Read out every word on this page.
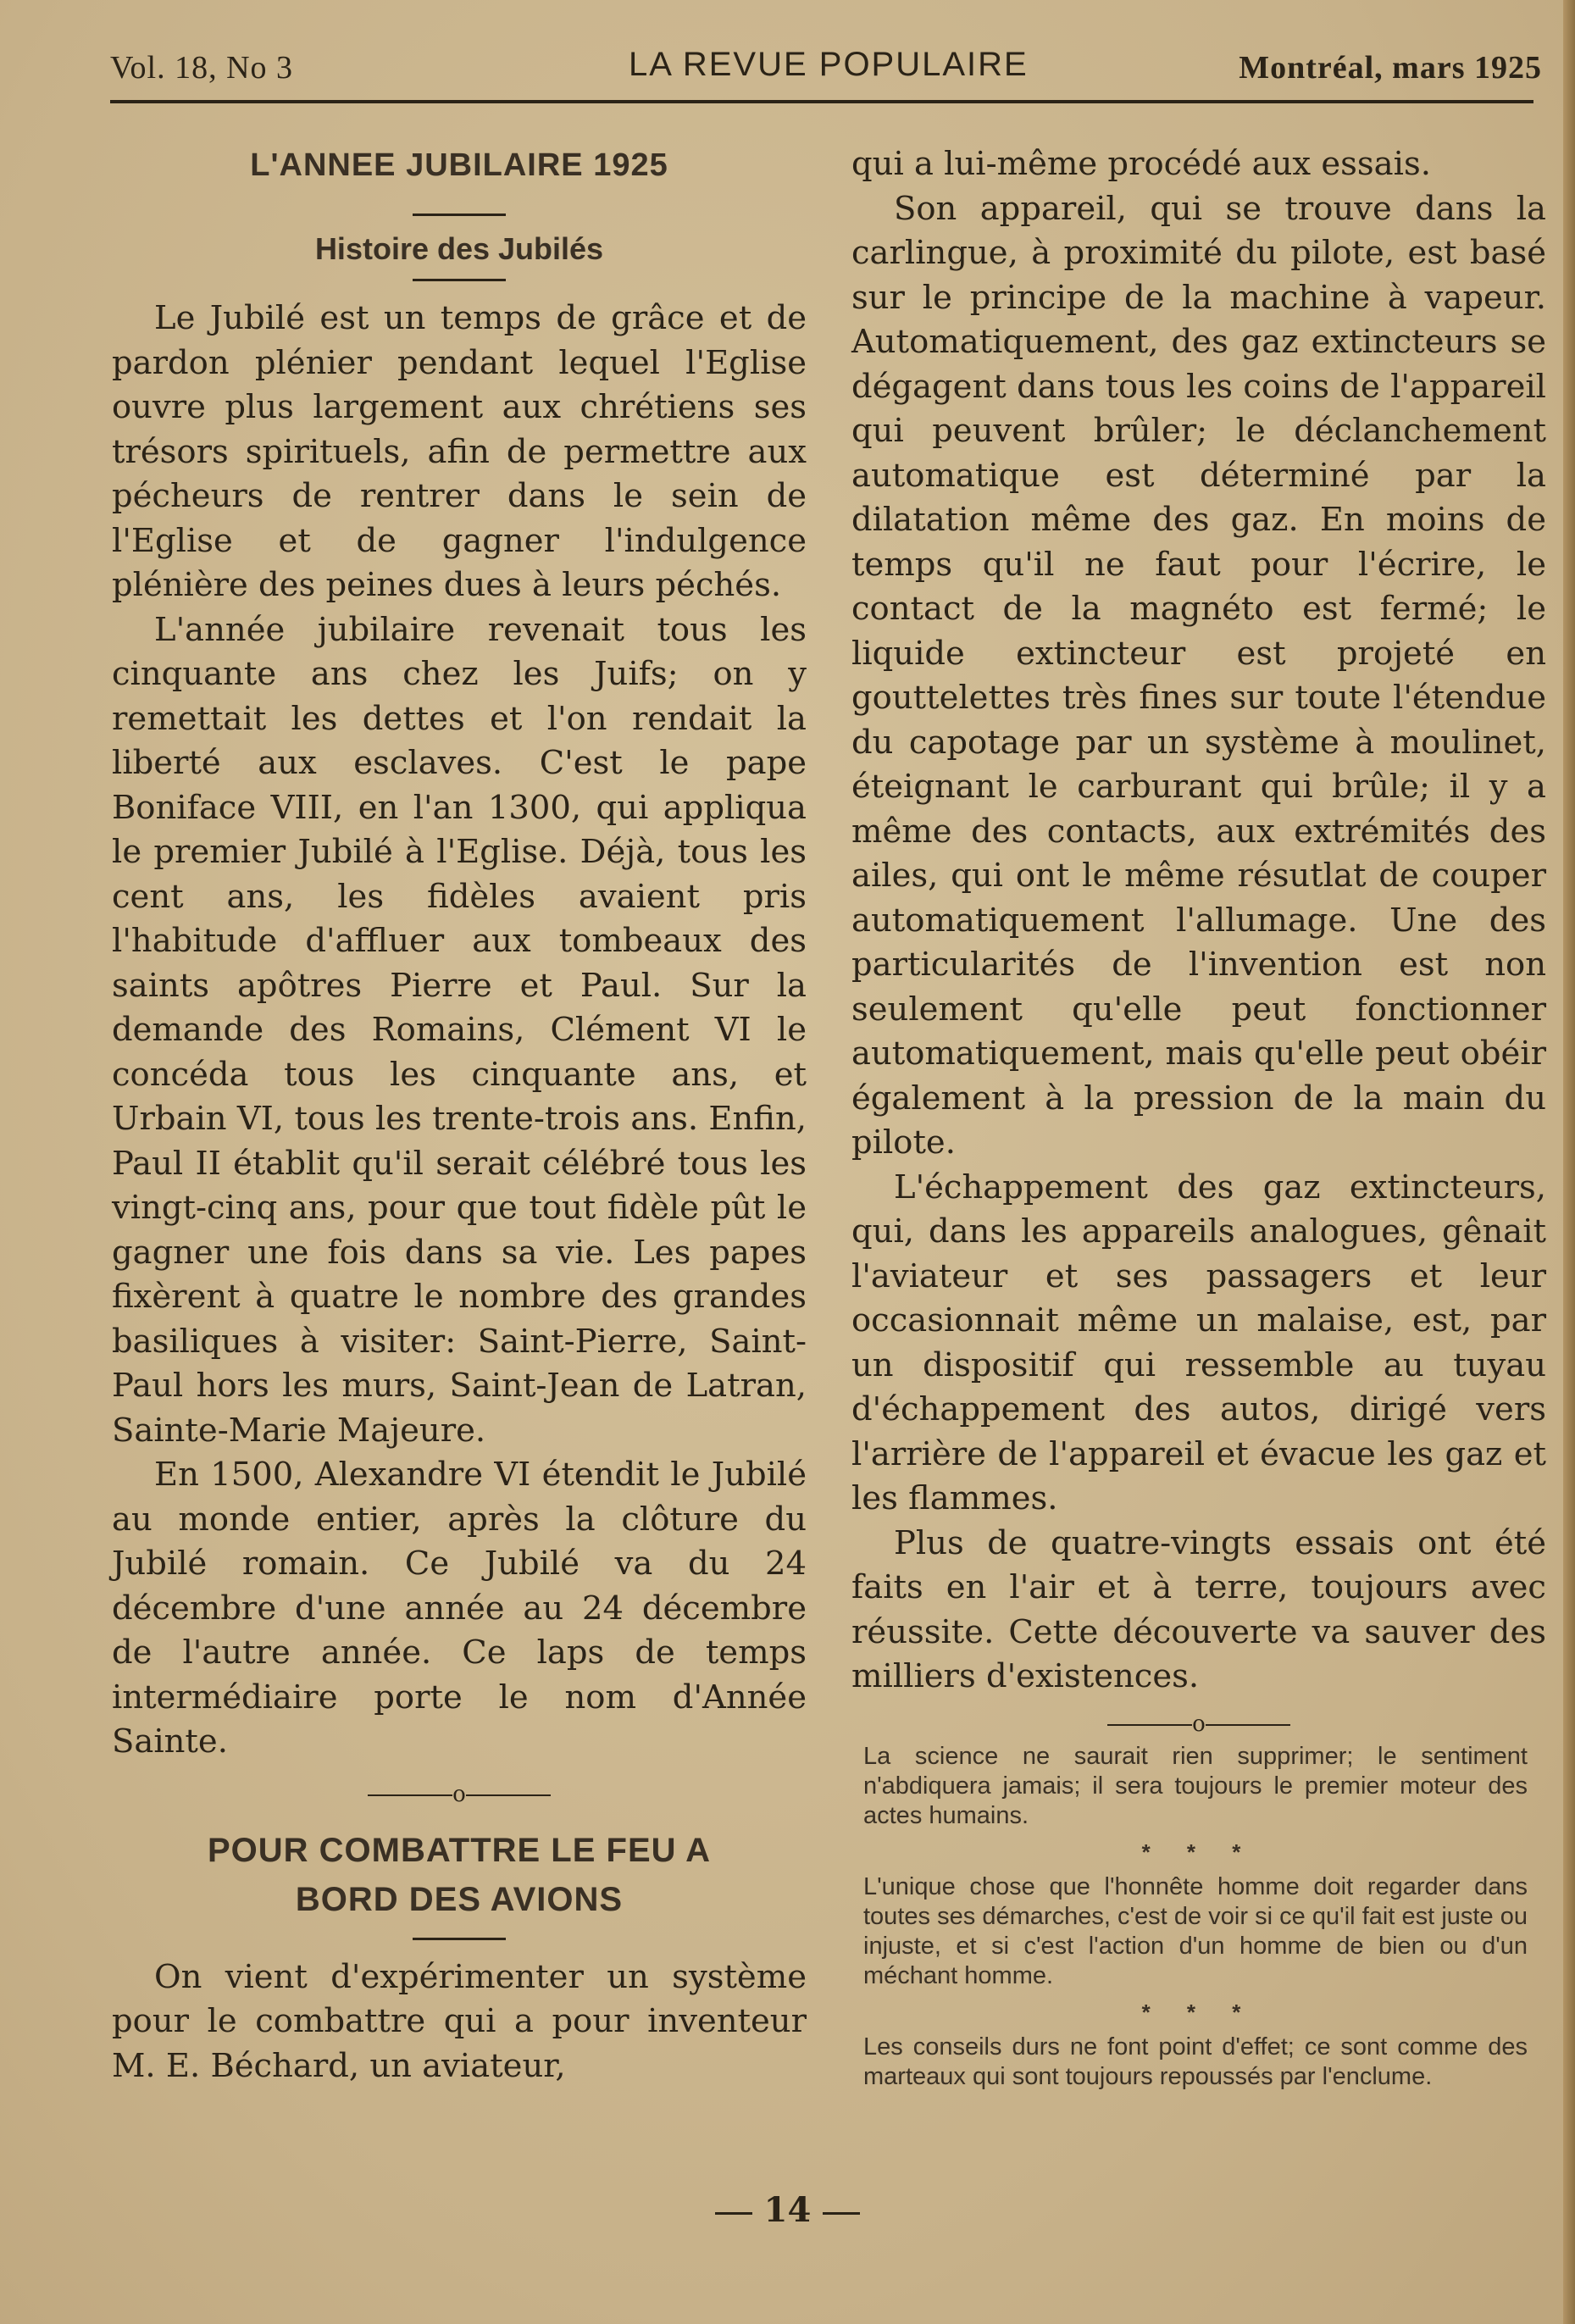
Vol. 18, No 3	LA REVUE POPULAIRE	Montréal, mars 1925
L'ANNEE JUBILAIRE 1925
Histoire des Jubilés

Le Jubilé est un temps de grâce et de pardon plénier pendant lequel l'Eglise ouvre plus largement aux chrétiens ses trésors spirituels, afin de permettre aux pécheurs de rentrer dans le sein de l'Eglise et de gagner l'indulgence plénière des peines dues à leurs péchés.

L'année jubilaire revenait tous les cinquante ans chez les Juifs; on y remettait les dettes et l'on rendait la liberté aux esclaves. C'est le pape Boniface VIII, en l'an 1300, qui appliqua le premier Jubilé à l'Eglise. Déjà, tous les cent ans, les fidèles avaient pris l'habitude d'affluer aux tombeaux des saints apôtres Pierre et Paul. Sur la demande des Romains, Clément VI le concéda tous les cinquante ans, et Urbain VI, tous les trente-trois ans. Enfin, Paul II établit qu'il serait célébré tous les vingt-cinq ans, pour que tout fidèle pût le gagner une fois dans sa vie. Les papes fixèrent à quatre le nombre des grandes basiliques à visiter: Saint-Pierre, Saint-Paul hors les murs, Saint-Jean de Latran, Sainte-Marie Majeure.

En 1500, Alexandre VI étendit le Jubilé au monde entier, après la clôture du Jubilé romain. Ce Jubilé va du 24 décembre d'une année au 24 décembre de l'autre année. Ce laps de temps intermédiaire porte le nom d'Année Sainte.

o
POUR COMBATTRE LE FEU A
BORD DES AVIONS

On vient d'expérimenter un système pour le combattre qui a pour inventeur M. E. Béchard, un aviateur,

qui a lui-même procédé aux essais.

Son appareil, qui se trouve dans la carlingue, à proximité du pilote, est basé sur le principe de la machine à vapeur. Automatiquement, des gaz extincteurs se dégagent dans tous les coins de l'appareil qui peuvent brûler; le déclanchement automatique est déterminé par la dilatation même des gaz. En moins de temps qu'il ne faut pour l'écrire, le contact de la magnéto est fermé; le liquide extincteur est projeté en gouttelettes très fines sur toute l'étendue du capotage par un système à moulinet, éteignant le carburant qui brûle; il y a même des contacts, aux extrémités des ailes, qui ont le même résutlat de couper automatiquement l'allumage. Une des particularités de l'invention est non seulement qu'elle peut fonctionner automatiquement, mais qu'elle peut obéir également à la pression de la main du pilote.

L'échappement des gaz extincteurs, qui, dans les appareils analogues, gênait l'aviateur et ses passagers et leur occasionnait même un malaise, est, par un dispositif qui ressemble au tuyau d'échappement des autos, dirigé vers l'arrière de l'appareil et évacue les gaz et les flammes.

Plus de quatre-vingts essais ont été faits en l'air et à terre, toujours avec réussite. Cette découverte va sauver des milliers d'existences.

o
La science ne saurait rien supprimer; le sentiment n'abdiquera jamais; il sera toujours le premier moteur des actes humains.
* * *
L'unique chose que l'honnête homme doit regarder dans toutes ses démarches, c'est de voir si ce qu'il fait est juste ou injuste, et si c'est l'action d'un homme de bien ou d'un méchant homme.
* * *
Les conseils durs ne font point d'effet; ce sont comme des marteaux qui sont toujours repoussés par l'enclume.
14
